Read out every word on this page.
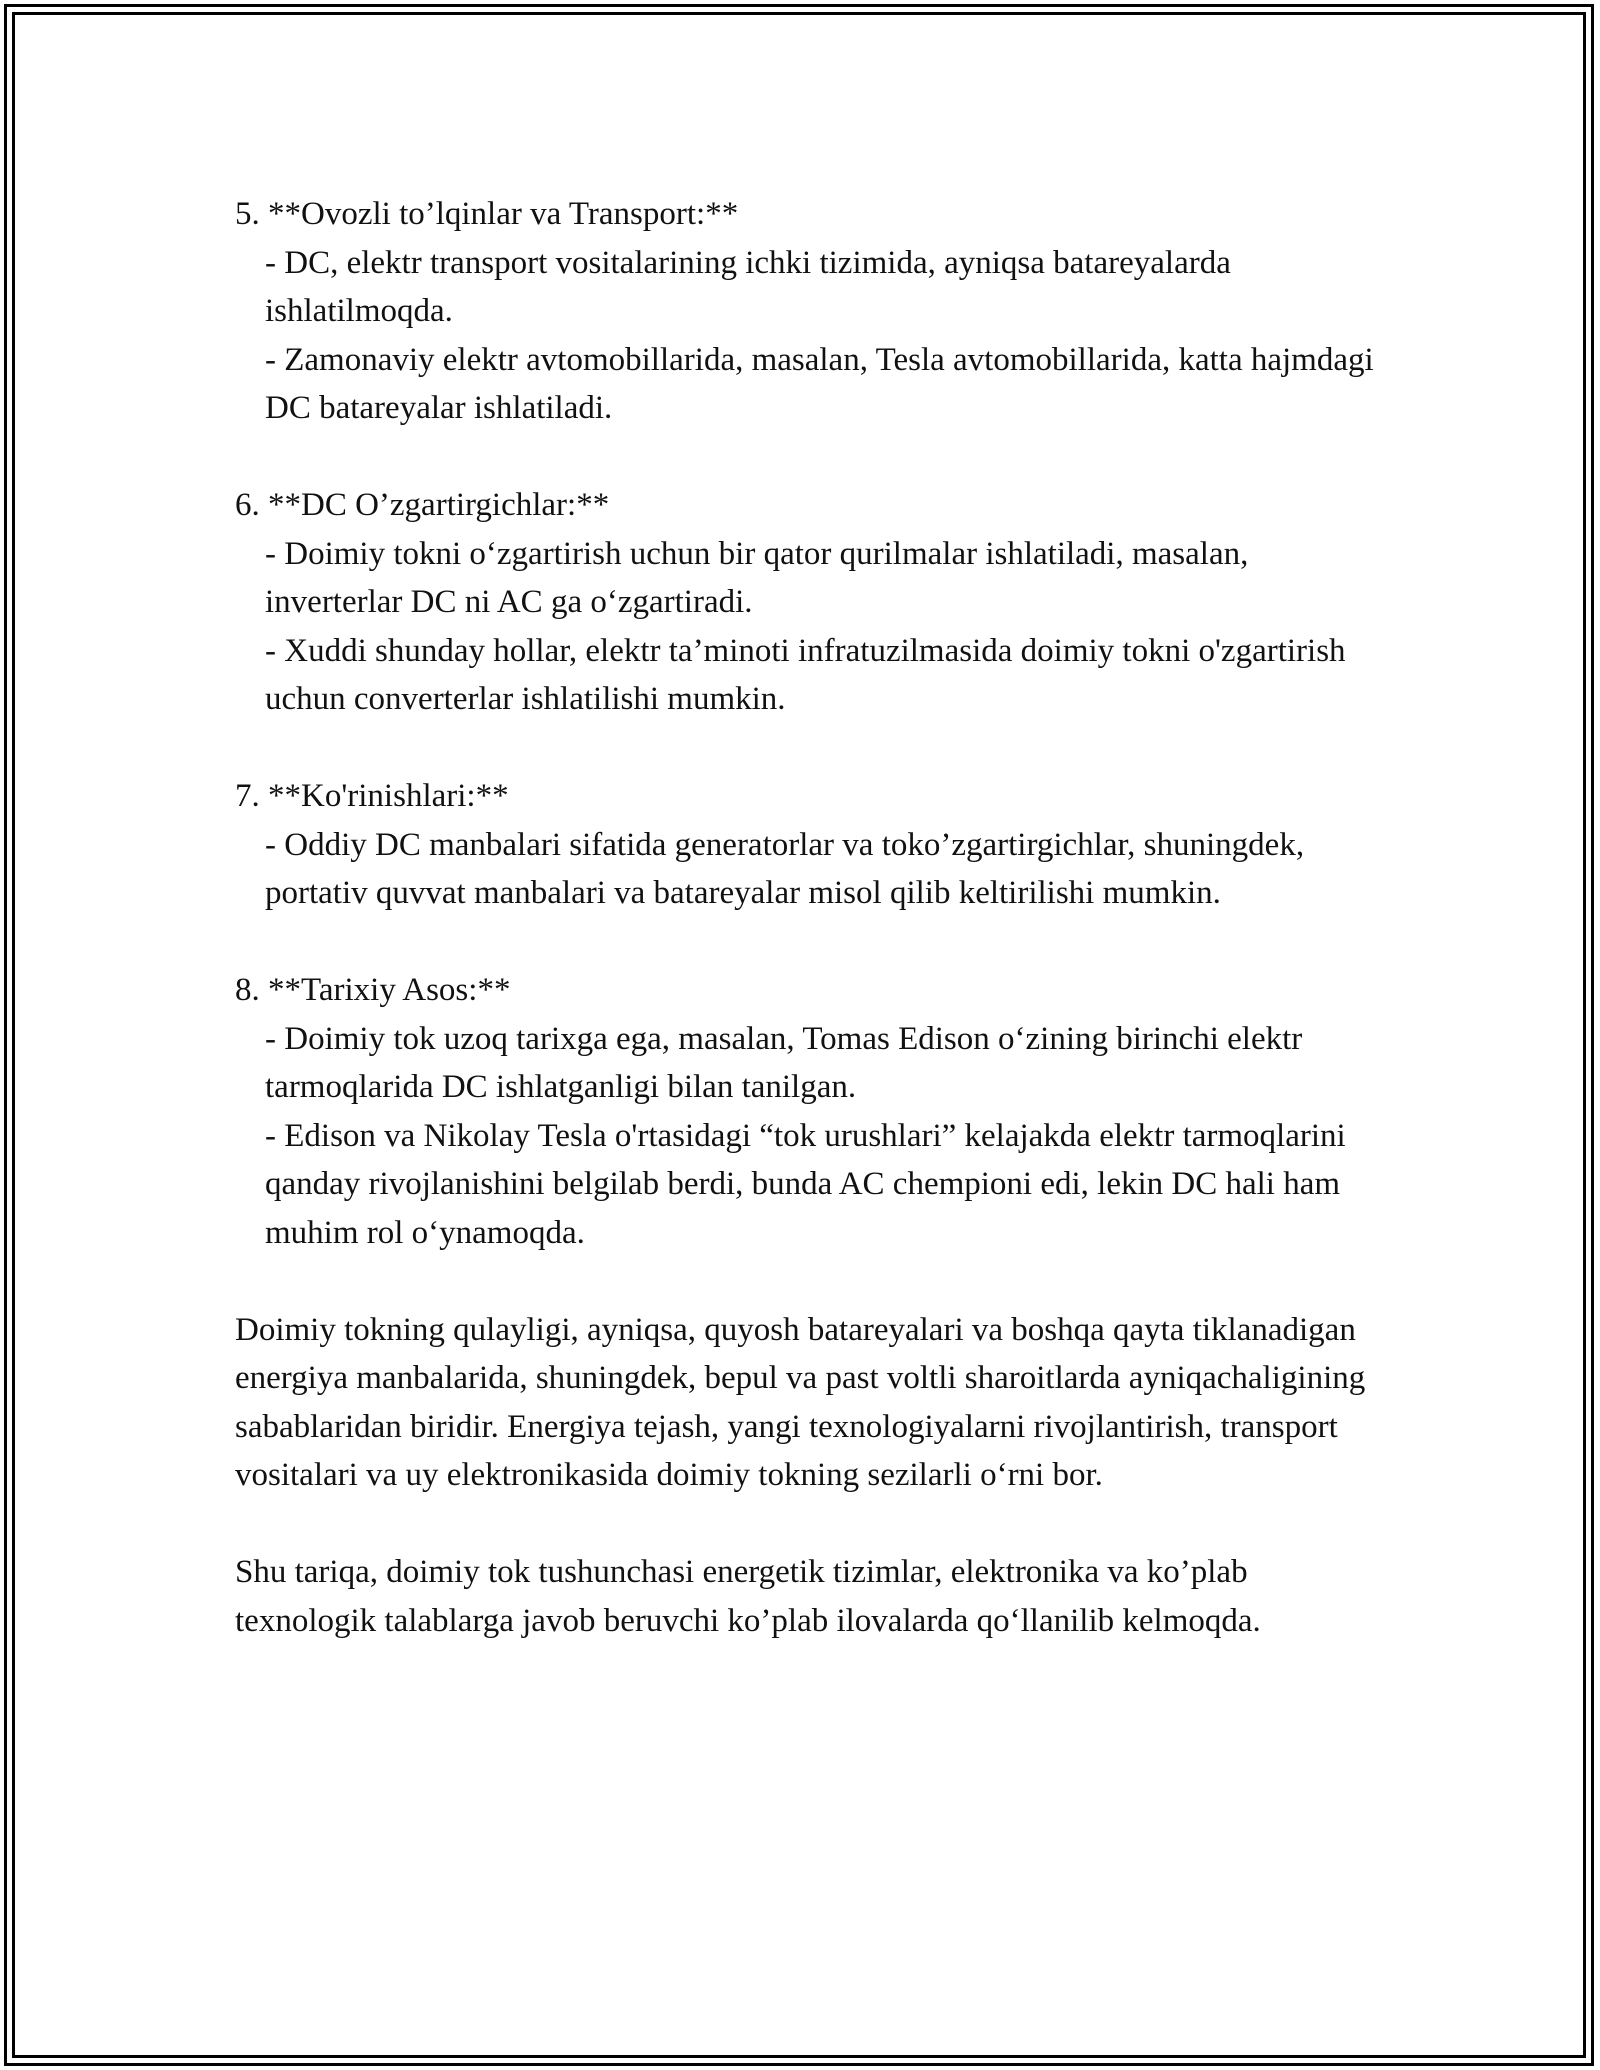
5. **Ovozli to’lqinlar va Transport:**
- DC, elektr transport vositalarining ichki tizimida, ayniqsa batareyalarda ishlatilmoqda.
- Zamonaviy elektr avtomobillarida, masalan, Tesla avtomobillarida, katta hajmdagi DC batareyalar ishlatiladi.
6. **DC O’zgartirgichlar:**
- Doimiy tokni o‘zgartirish uchun bir qator qurilmalar ishlatiladi, masalan, inverterlar DC ni AC ga o‘zgartiradi.
- Xuddi shunday hollar, elektr ta’minoti infratuzilmasida doimiy tokni o'zgartirish uchun converterlar ishlatilishi mumkin.
7. **Ko'rinishlari:**
- Oddiy DC manbalari sifatida generatorlar va toko’zgartirgichlar, shuningdek, portativ quvvat manbalari va batareyalar misol qilib keltirilishi mumkin.
8. **Tarixiy Asos:**
- Doimiy tok uzoq tarixga ega, masalan, Tomas Edison o‘zining birinchi elektr tarmoqlarida DC ishlatganligi bilan tanilgan.
- Edison va Nikolay Tesla o'rtasidagi “tok urushlari” kelajakda elektr tarmoqlarini qanday rivojlanishini belgilab berdi, bunda AC chempioni edi, lekin DC hali ham muhim rol o‘ynamoqda.

Doimiy tokning qulayligi, ayniqsa, quyosh batareyalari va boshqa qayta tiklanadigan energiya manbalarida, shuningdek, bepul va past voltli sharoitlarda ayniqachaligining sabablaridan biridir. Energiya tejash, yangi texnologiyalarni rivojlantirish, transport vositalari va uy elektronikasida doimiy tokning sezilarli o‘rni bor.

Shu tariqa, doimiy tok tushunchasi energetik tizimlar, elektronika va ko’plab texnologik talablarga javob beruvchi ko’plab ilovalarda qo‘llanilib kelmoqda.
